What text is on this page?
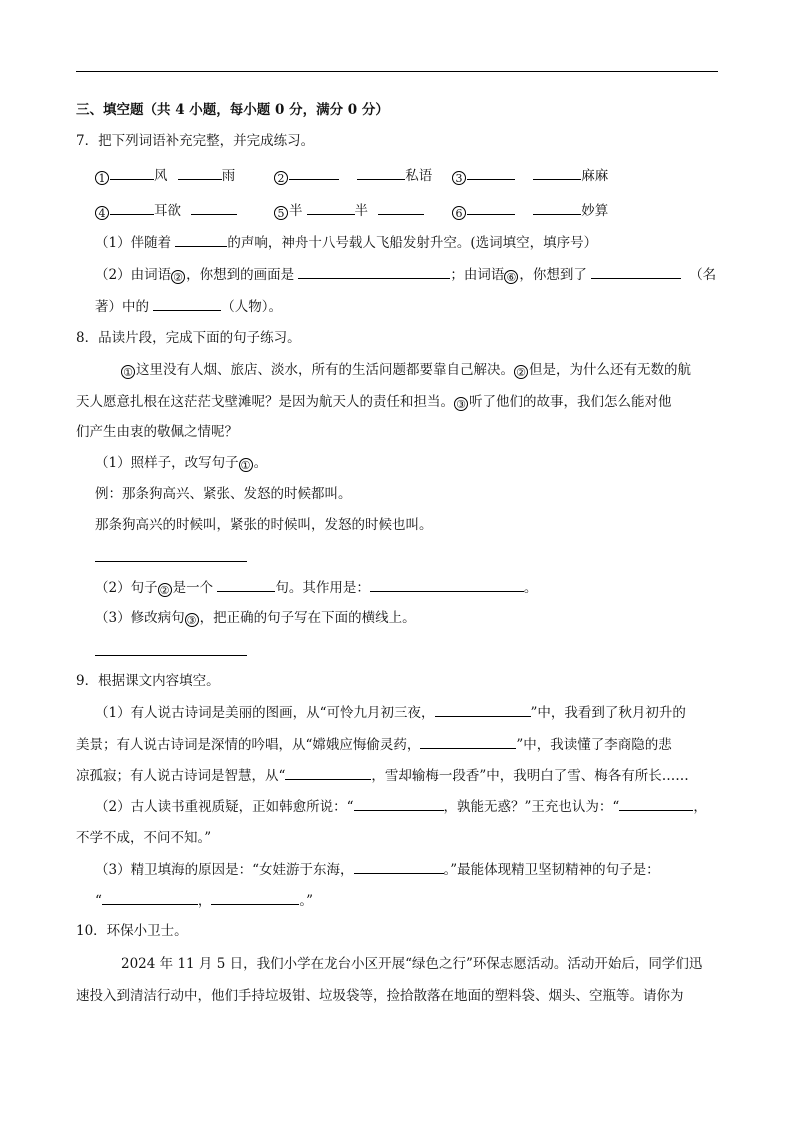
三、填空题（共 4 小题，每小题 0 分，满分 0 分）
7．把下列词语补充完整，并完成练习。
1	风	雨	2	私语	3	麻麻
4	耳欲	5 半	半	6	妙算
（1）伴随着	的声响，神舟十八号载人飞船发射升空。(选词填空，填序号）
（2）由词语 ② ，你想到的画面是	；由词语 ⑥ ，你想到了	（名
著）中的	（人物）。
8．品读片段，完成下面的句子练习。
① 这里没有人烟、旅店、淡水，所有的生活问题都要靠自己解决。 ② 但是，为什么还有无数的航
天人愿意扎根在这茫茫戈壁滩呢？是因为航天人的责任和担当。 ③ 听了他们的故事，我们怎么能对他
们产生由衷的敬佩之情呢？
（1）照样子，改写句子 ① 。
例：那条狗高兴、紧张、发怒的时候都叫。
那条狗高兴的时候叫，紧张的时候叫，发怒的时候也叫。
（2）句子 ② 是一个	句。其作用是：	。
（3）修改病句 ③ ，把正确的句子写在下面的横线上。
9．根据课文内容填空。
（1）有人说古诗词是美丽的图画，从“可怜九月初三夜，	”中，我看到了秋月初升的
美景；有人说古诗词是深情的吟唱，从“嫦娥应悔偷灵药，	”中，我读懂了李商隐的悲
凉孤寂；有人说古诗词是智慧，从“	，雪却输梅一段香”中，我明白了雪、梅各有所长……
（2）古人读书重视质疑，正如韩愈所说：“	，孰能无惑？”王充也认为：“	，
不学不成，不问不知。”
（3）精卫填海的原因是：“女娃游于东海，	。”最能体现精卫坚韧精神的句子是：
“	，	。”
10．环保小卫士。
2024 年 11 月 5 日，我们小学在龙台小区开展“绿色之行”环保志愿活动。活动开始后，同学们迅
速投入到清洁行动中，他们手持垃圾钳、垃圾袋等，捡拾散落在地面的塑料袋、烟头、空瓶等。请你为
